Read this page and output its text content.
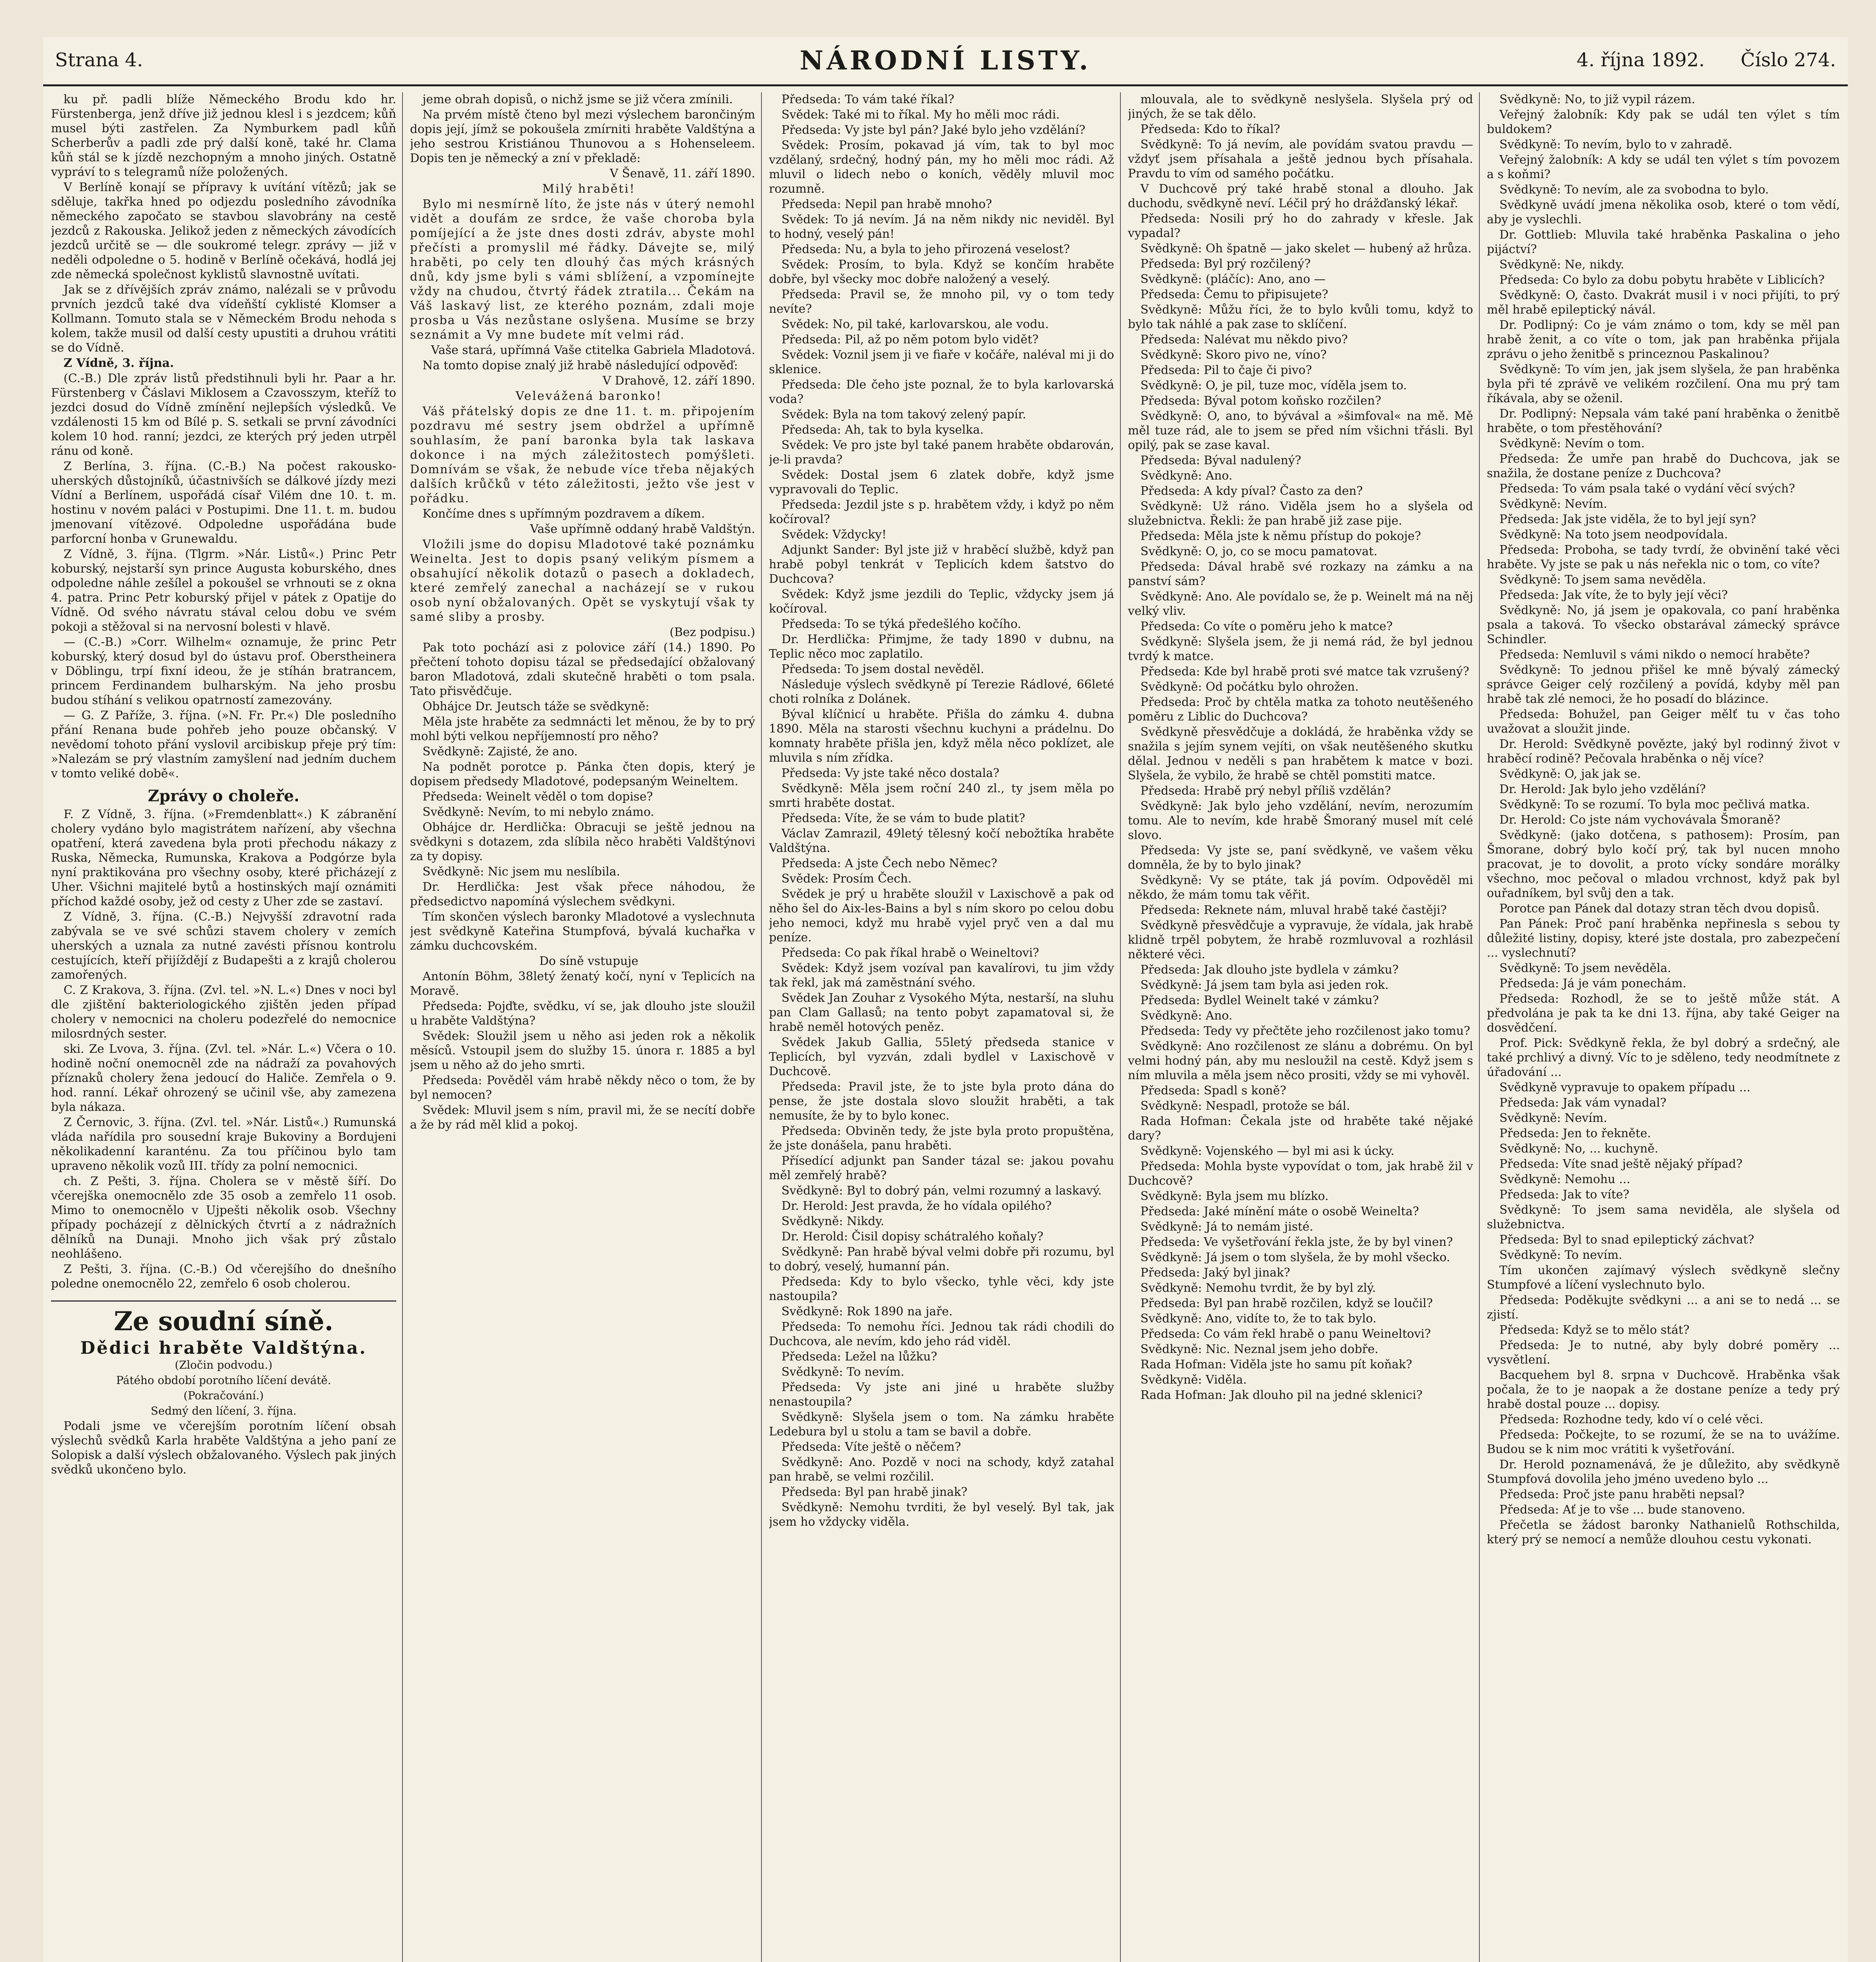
Strana 4.	NÁRODNÍ LISTY.	4. října 1892. Číslo 274.

ku př. padli blíže Německého Brodu kdo hr. Fürstenberga, jenž dříve již jednou klesl i s jezdcem; kůň musel býti zastřelen. Za Nymburkem padl kůň Scherberův a padli zde prý další koně, také hr. Clama kůň stál se k jízdě nezchopným a mnoho jiných. Ostatně vypráví to s telegramů níže položených.

V Berlíně konají se přípravy k uvítání vítězů; jak se sděluje, takřka hned po odjezdu posledního závodníka německého započato se stavbou slavobrány na cestě jezdců z Rakouska. Jelikož jeden z německých závodících jezdců určitě se — dle soukromé telegr. zprávy — již v neděli odpoledne o 5. hodině v Berlíně očekává, hodlá jej zde německá společnost kyklistů slavnostně uvítati.

Jak se z dřívějších zpráv známo, nalézali se v průvodu prvních jezdců také dva vídeňští cyklisté Klomser a Kollmann. Tomuto stala se v Německém Brodu nehoda s kolem, takže musil od další cesty upustiti a druhou vrátiti se do Vídně.

Z Vídně, 3. října.

(C.-B.) Dle zpráv listů předstihnuli byli hr. Paar a hr. Fürstenberg v Čáslavi Miklosem a Czavosszym, kteříž to jezdci dosud do Vídně zmínění nejlepších výsledků. Ve vzdálenosti 15 km od Bílé p. S. setkali se první závodníci kolem 10 hod. ranní; jezdci, ze kterých prý jeden utrpěl ránu od koně.

Z Berlína, 3. října. (C.-B.) Na počest rakousko-uherských důstojníků, účastnivších se dálkové jízdy mezi Vídní a Berlínem, uspořádá císař Vilém dne 10. t. m. hostinu v novém paláci v Postupimi. Dne 11. t. m. budou jmenovaní vítězové. Odpoledne uspořádána bude parforcní honba v Grunewaldu.

Z Vídně, 3. října. (Tlgrm. »Nár. Listů«.) Princ Petr koburský, nejstarší syn prince Augusta koburského, dnes odpoledne náhle zešílel a pokoušel se vrhnouti se z okna 4. patra. Princ Petr koburský přijel v pátek z Opatije do Vídně. Od svého návratu stával celou dobu ve svém pokoji a stěžoval si na nervosní bolesti v hlavě.

— (C.-B.) »Corr. Wilhelm« oznamuje, že princ Petr koburský, který dosud byl do ústavu prof. Oberstheinera v Döblingu, trpí fixní ideou, že je stíhán bratrancem, princem Ferdinandem bulharským. Na jeho prosbu budou stíhání s velikou opatrností zamezovány.

— G. Z Paříže, 3. října. (»N. Fr. Pr.«) Dle posledního přání Renana bude pohřeb jeho pouze občanský. V nevědomí tohoto přání vyslovil arcibiskup přeje prý tím: »Nalezám se prý vlastním zamyšlení nad jedním duchem v tomto veliké době«.

Zprávy o choleře.

F. Z Vídně, 3. října. (»Fremdenblatt«.) K zábranění cholery vydáno bylo magistrátem nařízení, aby všechna opatření, která zavedena byla proti přechodu nákazy z Ruska, Německa, Rumunska, Krakova a Podgórze byla nyní praktikována pro všechny osoby, které přicházejí z Uher. Všichni majitelé bytů a hostinských mají oznámiti příchod každé osoby, jež od cesty z Uher zde se zastaví.

Z Vídně, 3. října. (C.-B.) Nejvyšší zdravotní rada zabývala se ve své schůzi stavem cholery v zemích uherských a uznala za nutné zavésti přísnou kontrolu cestujících, kteří přijíždějí z Budapešti a z krajů cholerou zamořených.

C. Z Krakova, 3. října. (Zvl. tel. »N. L.«) Dnes v noci byl dle zjištění bakteriologického zjištěn jeden případ cholery v nemocnici na choleru podezřelé do nemocnice milosrdných sester.

ski. Ze Lvova, 3. října. (Zvl. tel. »Nár. L.«) Včera o 10. hodině noční onemocněl zde na nádraží za povahových příznaků cholery žena jedoucí do Haliče. Zemřela o 9. hod. ranní. Lékař ohrozený se učinil vše, aby zamezena byla nákaza.

Z Černovic, 3. října. (Zvl. tel. »Nár. Listů«.) Rumunská vláda nařídila pro sousední kraje Bukoviny a Bordujeni několikadenní karanténu. Za tou příčinou bylo tam upraveno několik vozů III. třídy za polní nemocnici.

ch. Z Pešti, 3. října. Cholera se v městě šíří. Do včerejška onemocnělo zde 35 osob a zemřelo 11 osob. Mimo to onemocnělo v Ujpešti několik osob. Všechny případy pocházejí z dělnických čtvrtí a z nádražních dělníků na Dunaji. Mnoho jich však prý zůstalo neohlášeno.

Z Pešti, 3. října. (C.-B.) Od včerejšího do dnešního poledne onemocnělo 22, zemřelo 6 osob cholerou.

Ze soudní síně.
Dědici hraběte Valdštýna.
(Zločin podvodu.)
Pátého období porotního líčení devátě.
(Pokračování.)
Sedmý den líčení, 3. října.

Podali jsme ve včerejším porotním líčení obsah výslechů svědků Karla hraběte Valdštýna a jeho paní ze Solopisk a další výslech obžalovaného. Výslech pak jiných svědků ukončeno bylo.

jeme obrah dopisů, o nichž jsme se již včera zmínili.

Na prvém místě čteno byl mezi výslechem barončiným dopis její, jímž se pokoušela zmírniti hraběte Valdštýna a jeho sestrou Kristiánou Thunovou a s Hohenseleem. Dopis ten je německý a zní v překladě:

V Šenavě, 11. září 1890.

Milý hraběti!

Bylo mi nesmírně líto, že jste nás v úterý nemohl vidět a doufám ze srdce, že vaše choroba byla pomíjející a že jste dnes dosti zdráv, abyste mohl přečísti a promyslil mé řádky. Dávejte se, milý hraběti, po cely ten dlouhý čas mých krásných dnů, kdy jsme byli s vámi sblížení, a vzpomínejte vždy na chudou, čtvrtý řádek ztratila... Čekám na Váš laskavý list, ze kterého poznám, zdali moje prosba u Vás nezůstane oslyšena. Musíme se brzy seznámit a Vy mne budete mít velmi rád.

Vaše stará, upřímná Vaše ctitelka Gabriela Mladotová.

Na tomto dopise znalý již hrabě následující odpověď:

V Drahově, 12. září 1890.

Velevážená baronko!

Váš přátelský dopis ze dne 11. t. m. připojením pozdravu mé sestry jsem obdržel a upřímně souhlasím, že paní baronka byla tak laskava dokonce i na mých záležitostech pomýšleti. Domnívám se však, že nebude více třeba nějakých dalších krůčků v této záležitosti, ježto vše jest v pořádku.

Končíme dnes s upřímným pozdravem a díkem.

Vaše upřímně oddaný hrabě Valdštýn.

Vložili jsme do dopisu Mladotové také poznámku Weinelta. Jest to dopis psaný velikým písmem a obsahující několik dotazů o pasech a dokladech, které zemřelý zanechal a nacházejí se v rukou osob nyní obžalovaných. Opět se vyskytují však ty samé sliby a prosby.

(Bez podpisu.)

Pak toto pochází asi z polovice září (14.) 1890. Po přečtení tohoto dopisu tázal se předsedající obžalovaný baron Mladotová, zdali skutečně hraběti o tom psala. Tato přisvědčuje.

Obhájce Dr. Jeutsch táže se svědkyně:

Měla jste hraběte za sedmnácti let měnou, že by to prý mohl býti velkou nepříjemností pro něho?

Svědkyně: Zajisté, že ano.

Na podnět porotce p. Pánka čten dopis, který je dopisem předsedy Mladotové, podepsaným Weineltem.

Předseda: Weinelt věděl o tom dopise?

Svědkyně: Nevím, to mi nebylo známo.

Obhájce dr. Herdlička: Obracuji se ještě jednou na svědkyni s dotazem, zda slíbila něco hraběti Valdštýnovi za ty dopisy.

Svědkyně: Nic jsem mu neslíbila.

Dr. Herdlička: Jest však přece náhodou, že předsedictvo napomíná výslechem svědkyni.

Tím skončen výslech baronky Mladotové a vyslechnuta jest svědkyně Kateřina Stumpfová, bývalá kuchařka v zámku duchcovském.

Do síně vstupuje

Antonín Böhm, 38letý ženatý kočí, nyní v Teplicích na Moravě.

Předseda: Pojďte, svědku, ví se, jak dlouho jste sloužil u hraběte Valdštýna?

Svědek: Sloužil jsem u něho asi jeden rok a několik měsíců. Vstoupil jsem do služby 15. února r. 1885 a byl jsem u něho až do jeho smrti.

Předseda: Pověděl vám hrabě někdy něco o tom, že by byl nemocen?

Svědek: Mluvil jsem s ním, pravil mi, že se necítí dobře a že by rád měl klid a pokoj.

Předseda: To vám také říkal?

Svědek: Také mi to říkal. My ho měli moc rádi.

Předseda: Vy jste byl pán? Jaké bylo jeho vzdělání?

Svědek: Prosím, pokavad já vím, tak to byl moc vzdělaný, srdečný, hodný pán, my ho měli moc rádi. Až mluvil o lidech nebo o koních, věděly mluvil moc rozumně.

Předseda: Nepil pan hrabě mnoho?

Svědek: To já nevím. Já na něm nikdy nic neviděl. Byl to hodný, veselý pán!

Předseda: Nu, a byla to jeho přirozená veselost?

Svědek: Prosím, to byla. Když se končím hraběte dobře, byl všecky moc dobře naložený a veselý.

Předseda: Pravil se, že mnoho pil, vy o tom tedy nevíte?

Svědek: No, pil také, karlovarskou, ale vodu.

Předseda: Pil, až po něm potom bylo vidět?

Svědek: Voznil jsem ji ve fiaře v kočáře, naléval mi ji do sklenice.

Předseda: Dle čeho jste poznal, že to byla karlovarská voda?

Svědek: Byla na tom takový zelený papír.

Předseda: Ah, tak to byla kyselka.

Svědek: Ve pro jste byl také panem hraběte obdarován, je-li pravda?

Svědek: Dostal jsem 6 zlatek dobře, když jsme vypravovali do Teplic.

Předseda: Jezdil jste s p. hrabětem vždy, i když po něm kočíroval?

Svědek: Vždycky!

Adjunkt Sander: Byl jste již v hraběcí službě, když pan hrabě pobyl tenkrát v Teplicích kdem šatstvo do Duchcova?

Svědek: Když jsme jezdili do Teplic, vždycky jsem já kočíroval.

Předseda: To se týká předešlého kočího.

Dr. Herdlička: Přimjme, že tady 1890 v dubnu, na Teplic něco moc zaplatilo.

Předseda: To jsem dostal nevěděl.

Následuje výslech svědkyně pí Terezie Rádlové, 66leté choti rolníka z Dolánek.

Býval klíčnicí u hraběte. Přišla do zámku 4. dubna 1890. Měla na starosti všechnu kuchyni a prádelnu. Do komnaty hraběte přišla jen, když měla něco poklízet, ale mluvila s ním zřídka.

Předseda: Vy jste také něco dostala?

Svědkyně: Měla jsem roční 240 zl., ty jsem měla po smrti hraběte dostat.

Předseda: Víte, že se vám to bude platit?

Václav Zamrazil, 49letý tělesný kočí nebožtíka hraběte Valdštýna.

Předseda: A jste Čech nebo Němec?

Svědek: Prosím Čech.

Svědek je prý u hraběte sloužil v Laxischově a pak od něho šel do Aix-les-Bains a byl s ním skoro po celou dobu jeho nemoci, když mu hrabě vyjel pryč ven a dal mu peníze.

Předseda: Co pak říkal hrabě o Weineltovi?

Svědek: Když jsem vozíval pan kavalírovi, tu jim vždy tak řekl, jak má zaměstnání svého.

Svědek Jan Zouhar z Vysokého Mýta, nestarší, na sluhu pan Clam Gallasů; na tento pobyt zapamatoval si, že hrabě neměl hotových peněz.

Svědek Jakub Gallia, 55letý předseda stanice v Teplicích, byl vyzván, zdali bydlel v Laxischově v Duchcově.

Předseda: Pravil jste, že to jste byla proto dána do pense, že jste dostala slovo sloužit hraběti, a tak nemusíte, že by to bylo konec.

Předseda: Obviněn tedy, že jste byla proto propuštěna, že jste donášela, panu hraběti.

Přísedící adjunkt pan Sander tázal se: jakou povahu měl zemřelý hrabě?

Svědkyně: Byl to dobrý pán, velmi rozumný a laskavý.

Dr. Herold: Jest pravda, že ho vídala opilého?

Svědkyně: Nikdy.

Dr. Herold: Čisil dopisy schátralého koňaly?

Svědkyně: Pan hrabě býval velmi dobře při rozumu, byl to dobrý, veselý, humanní pán.

Předseda: Kdy to bylo všecko, tyhle věci, kdy jste nastoupila?

Svědkyně: Rok 1890 na jaře.

Předseda: To nemohu říci. Jednou tak rádi chodili do Duchcova, ale nevím, kdo jeho rád viděl.

Předseda: Ležel na lůžku?

Svědkyně: To nevím.

Předseda: Vy jste ani jiné u hraběte služby nenastoupila?

Svědkyně: Slyšela jsem o tom. Na zámku hraběte Ledebura byl u stolu a tam se bavil a dobře.

Předseda: Víte ještě o něčem?

Svědkyně: Ano. Pozdě v noci na schody, když zatahal pan hrabě, se velmi rozčilil.

Předseda: Byl pan hrabě jinak?

Svědkyně: Nemohu tvrditi, že byl veselý. Byl tak, jak jsem ho vždycky viděla.

mlouvala, ale to svědkyně neslyšela. Slyšela prý od jiných, že se tak dělo.

Předseda: Kdo to říkal?

Svědkyně: To já nevím, ale povídám svatou pravdu — vždyť jsem přísahala a ještě jednou bych přísahala. Pravdu to vím od samého počátku.

V Duchcově prý také hrabě stonal a dlouho. Jak duchodu, svědkyně neví. Léčil prý ho drážďanský lékař.

Předseda: Nosili prý ho do zahrady v křesle. Jak vypadal?

Svědkyně: Oh špatně — jako skelet — hubený až hrůza.

Předseda: Byl prý rozčilený?

Svědkyně: (pláčíc): Ano, ano —

Předseda: Čemu to připisujete?

Svědkyně: Můžu říci, že to bylo kvůli tomu, když to bylo tak náhlé a pak zase to sklíčení.

Předseda: Nalévat mu někdo pivo?

Svědkyně: Skoro pivo ne, víno?

Předseda: Pil to čaje či pivo?

Svědkyně: O, je pil, tuze moc, víděla jsem to.

Předseda: Býval potom koňsko rozčilen?

Svědkyně: O, ano, to bývával a »šimfoval« na mě. Mě měl tuze rád, ale to jsem se před ním všichni třásli. Byl opilý, pak se zase kaval.

Předseda: Býval nadulený?

Svědkyně: Ano.

Předseda: A kdy píval? Často za den?

Svědkyně: Už ráno. Viděla jsem ho a slyšela od služebnictva. Řekli: že pan hrabě již zase pije.

Předseda: Měla jste k němu přístup do pokoje?

Svědkyně: O, jo, co se mocu pamatovat.

Předseda: Dával hrabě své rozkazy na zámku a na panství sám?

Svědkyně: Ano. Ale povídalo se, že p. Weinelt má na něj velký vliv.

Předseda: Co víte o poměru jeho k matce?

Svědkyně: Slyšela jsem, že ji nemá rád, že byl jednou tvrdý k matce.

Předseda: Kde byl hrabě proti své matce tak vzrušený?

Svědkyně: Od počátku bylo ohrožen.

Předseda: Proč by chtěla matka za tohoto neutěšeného poměru z Liblic do Duchcova?

Svědkyně přesvědčuje a dokládá, že hraběnka vždy se snažila s jejím synem vejíti, on však neutěšeného skutku dělal. Jednou v neděli s pan hrabětem k matce v bozi. Slyšela, že vybilo, že hrabě se chtěl pomstiti matce.

Předseda: Hrabě prý nebyl příliš vzdělán?

Svědkyně: Jak bylo jeho vzdělání, nevím, nerozumím tomu. Ale to nevím, kde hrabě Šmoraný musel mít celé slovo.

Předseda: Vy jste se, paní svědkyně, ve vašem věku domněla, že by to bylo jinak?

Svědkyně: Vy se ptáte, tak já povím. Odpověděl mi někdo, že mám tomu tak věřit.

Předseda: Reknete nám, mluval hrabě také častěji?

Svědkyně přesvědčuje a vypravuje, že vídala, jak hrabě klidně trpěl pobytem, že hrabě rozmluvoval a rozhlásil některé věci.

Předseda: Jak dlouho jste bydlela v zámku?

Svědkyně: Já jsem tam byla asi jeden rok.

Předseda: Bydlel Weinelt také v zámku?

Svědkyně: Ano.

Předseda: Tedy vy přečtěte jeho rozčilenost jako tomu?

Svědkyně: Ano rozčilenost ze slánu a dobrému. On byl velmi hodný pán, aby mu nesloužil na cestě. Když jsem s ním mluvila a měla jsem něco prositi, vždy se mi vyhověl.

Předseda: Spadl s koně?

Svědkyně: Nespadl, protože se bál.

Rada Hofman: Čekala jste od hraběte také nějaké dary?

Svědkyně: Vojenského — byl mi asi k úcky.

Předseda: Mohla byste vypovídat o tom, jak hrabě žil v Duchcově?

Svědkyně: Byla jsem mu blízko.

Předseda: Jaké mínění máte o osobě Weinelta?

Svědkyně: Já to nemám jisté.

Předseda: Ve vyšetřování řekla jste, že by byl vinen?

Svědkyně: Já jsem o tom slyšela, že by mohl všecko.

Předseda: Jaký byl jinak?

Svědkyně: Nemohu tvrdit, že by byl zlý.

Předseda: Byl pan hrabě rozčilen, když se loučil?

Svědkyně: Ano, vidíte to, že to tak bylo.

Předseda: Co vám řekl hrabě o panu Weineltovi?

Svědkyně: Nic. Neznal jsem jeho dobře.

Rada Hofman: Viděla jste ho samu pít koňak?

Svědkyně: Viděla.

Rada Hofman: Jak dlouho pil na jedné sklenici?

Svědkyně: No, to již vypil rázem.

Veřejný žalobník: Kdy pak se udál ten výlet s tím buldokem?

Svědkyně: To nevím, bylo to v zahradě.

Veřejný žalobník: A kdy se udál ten výlet s tím povozem a s koňmi?

Svědkyně: To nevím, ale za svobodna to bylo.

Svědkyně uvádí jmena několika osob, které o tom vědí, aby je vyslechli.

Dr. Gottlieb: Mluvila také hraběnka Paskalina o jeho pijáctví?

Svědkyně: Ne, nikdy.

Předseda: Co bylo za dobu pobytu hraběte v Liblicích?

Svědkyně: O, často. Dvakrát musil i v noci přijíti, to prý měl hrabě epileptický návál.

Dr. Podlipný: Co je vám známo o tom, kdy se měl pan hrabě ženit, a co víte o tom, jak pan hraběnka přijala zprávu o jeho ženitbě s princeznou Paskalinou?

Svědkyně: To vím jen, jak jsem slyšela, že pan hraběnka byla při té zprávě ve velikém rozčilení. Ona mu prý tam říkávala, aby se oženil.

Dr. Podlipný: Nepsala vám také paní hraběnka o ženitbě hraběte, o tom přestěhování?

Svědkyně: Nevím o tom.

Předseda: Že umře pan hrabě do Duchcova, jak se snažila, že dostane peníze z Duchcova?

Předseda: To vám psala také o vydání věcí svých?

Svědkyně: Nevím.

Předseda: Jak jste viděla, že to byl její syn?

Svědkyně: Na toto jsem neodpovídala.

Předseda: Proboha, se tady tvrdí, že obvinění také věci hraběte. Vy jste se pak u nás neřekla nic o tom, co víte?

Svědkyně: To jsem sama nevěděla.

Předseda: Jak víte, že to byly její věci?

Svědkyně: No, já jsem je opakovala, co paní hraběnka psala a taková. To všecko obstarával zámecký správce Schindler.

Předseda: Nemluvil s vámi nikdo o nemocí hraběte?

Svědkyně: To jednou přišel ke mně bývalý zámecký správce Geiger celý rozčilený a povídá, kdyby měl pan hrabě tak zlé nemoci, že ho posadí do blázince.

Předseda: Bohužel, pan Geiger mělť tu v čas toho uvažovat a sloužit jinde.

Dr. Herold: Svědkyně povězte, jaký byl rodinný život v hraběcí rodině? Pečovala hraběnka o něj více?

Svědkyně: O, jak jak se.

Dr. Herold: Jak bylo jeho vzdělání?

Svědkyně: To se rozumí. To byla moc pečlivá matka.

Dr. Herold: Co jste nám vychovávala Šmoraně?

Svědkyně: (jako dotčena, s pathosem): Prosím, pan Šmorane, dobrý bylo kočí prý, tak byl nucen mnoho pracovat, je to dovolit, a proto vícky sondáre morálky všechno, moc pečoval o mladou vrchnost, když pak byl ouřadníkem, byl svůj den a tak.

Porotce pan Pánek dal dotazy stran těch dvou dopisů.

Pan Pánek: Proč paní hraběnka nepřinesla s sebou ty důležité listiny, dopisy, které jste dostala, pro zabezpečení ... vyslechnutí?

Svědkyně: To jsem nevěděla.

Předseda: Já je vám ponechám.

Předseda: Rozhodl, že se to ještě může stát. A předvolána je pak ta ke dni 13. října, aby také Geiger na dosvědčení.

Prof. Pick: Svědkyně řekla, že byl dobrý a srdečný, ale také prchlivý a divný. Víc to je sděleno, tedy neodmítnete z úřadování ...

Svědkyně vypravuje to opakem případu ...

Předseda: Jak vám vynadal?

Svědkyně: Nevím.

Předseda: Jen to řekněte.

Svědkyně: No, ... kuchyně.

Předseda: Víte snad ještě nějaký případ?

Svědkyně: Nemohu ...

Předseda: Jak to víte?

Svědkyně: To jsem sama neviděla, ale slyšela od služebnictva.

Předseda: Byl to snad epileptický záchvat?

Svědkyně: To nevím.

Tím ukončen zajímavý výslech svědkyně slečny Stumpfové a líčení vyslechnuto bylo.

Předseda: Poděkujte svědkyni ... a ani se to nedá ... se zjistí.

Předseda: Když se to mělo stát?

Předseda: Je to nutné, aby byly dobré poměry ... vysvětlení.

Bacquehem byl 8. srpna v Duchcově. Hraběnka však počala, že to je naopak a že dostane peníze a tedy prý hrabě dostal pouze ... dopisy.

Předseda: Rozhodne tedy, kdo ví o celé věci.

Předseda: Počkejte, to se rozumí, že se na to uvážíme. Budou se k nim moc vrátiti k vyšetřování.

Dr. Herold poznamenává, že je důležito, aby svědkyně Stumpfová dovolila jeho jméno uvedeno bylo ...

Předseda: Proč jste panu hraběti nepsal?

Předseda: Ať je to vše ... bude stanoveno.

Přečetla se žádost baronky Nathanielů Rothschilda, který prý se nemocí a nemůže dlouhou cestu vykonati.
